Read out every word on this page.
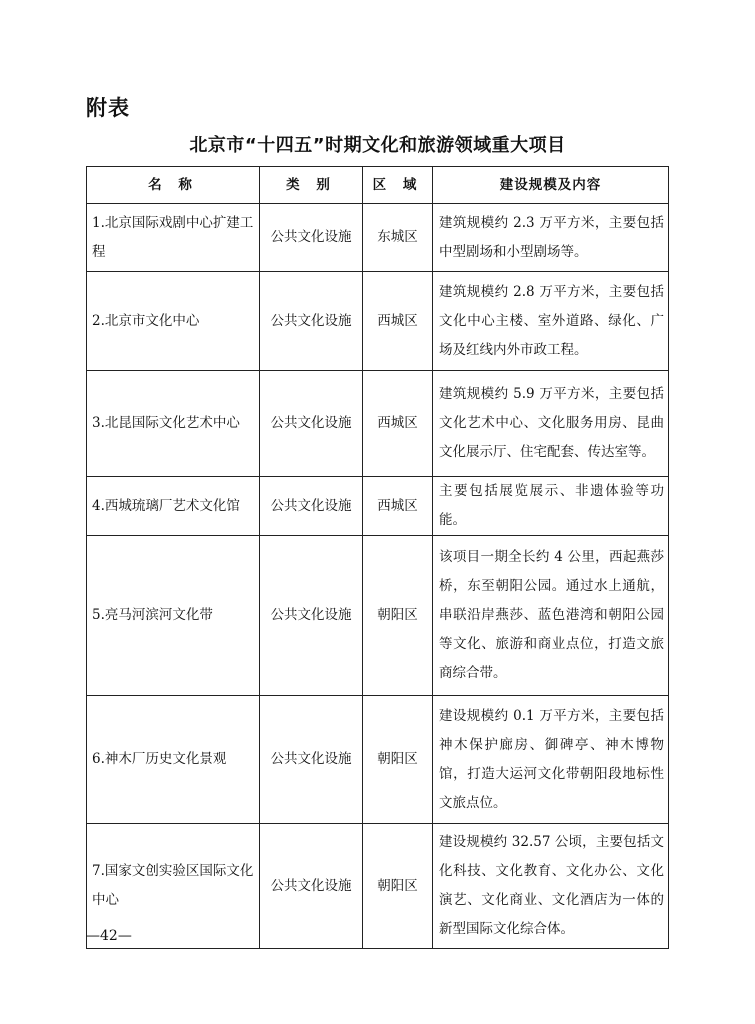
附表
北京市“十四五”时期文化和旅游领域重大项目
名 称	类 别	区 域	建设规模及内容
1.北京国际戏剧中心扩建工程	公共文化设施	东城区	建筑规模约 2.3 万平方米，主要包括中型剧场和小型剧场等。
2.北京市文化中心	公共文化设施	西城区	建筑规模约 2.8 万平方米，主要包括文化中心主楼、室外道路、绿化、广场及红线内外市政工程。
3.北昆国际文化艺术中心	公共文化设施	西城区	建筑规模约 5.9 万平方米，主要包括文化艺术中心、文化服务用房、昆曲文化展示厅、住宅配套、传达室等。
4.西城琉璃厂艺术文化馆	公共文化设施	西城区	主要包括展览展示、非遗体验等功能。
5.亮马河滨河文化带	公共文化设施	朝阳区	该项目一期全长约 4 公里，西起燕莎桥，东至朝阳公园。通过水上通航，串联沿岸燕莎、蓝色港湾和朝阳公园等文化、旅游和商业点位，打造文旅商综合带。
6.神木厂历史文化景观	公共文化设施	朝阳区	建设规模约 0.1 万平方米，主要包括神木保护廊房、御碑亭、神木博物馆，打造大运河文化带朝阳段地标性文旅点位。
7.国家文创实验区国际文化中心	公共文化设施	朝阳区	建设规模约 32.57 公顷，主要包括文化科技、文化教育、文化办公、文化演艺、文化商业、文化酒店为一体的新型国际文化综合体。
—42—
